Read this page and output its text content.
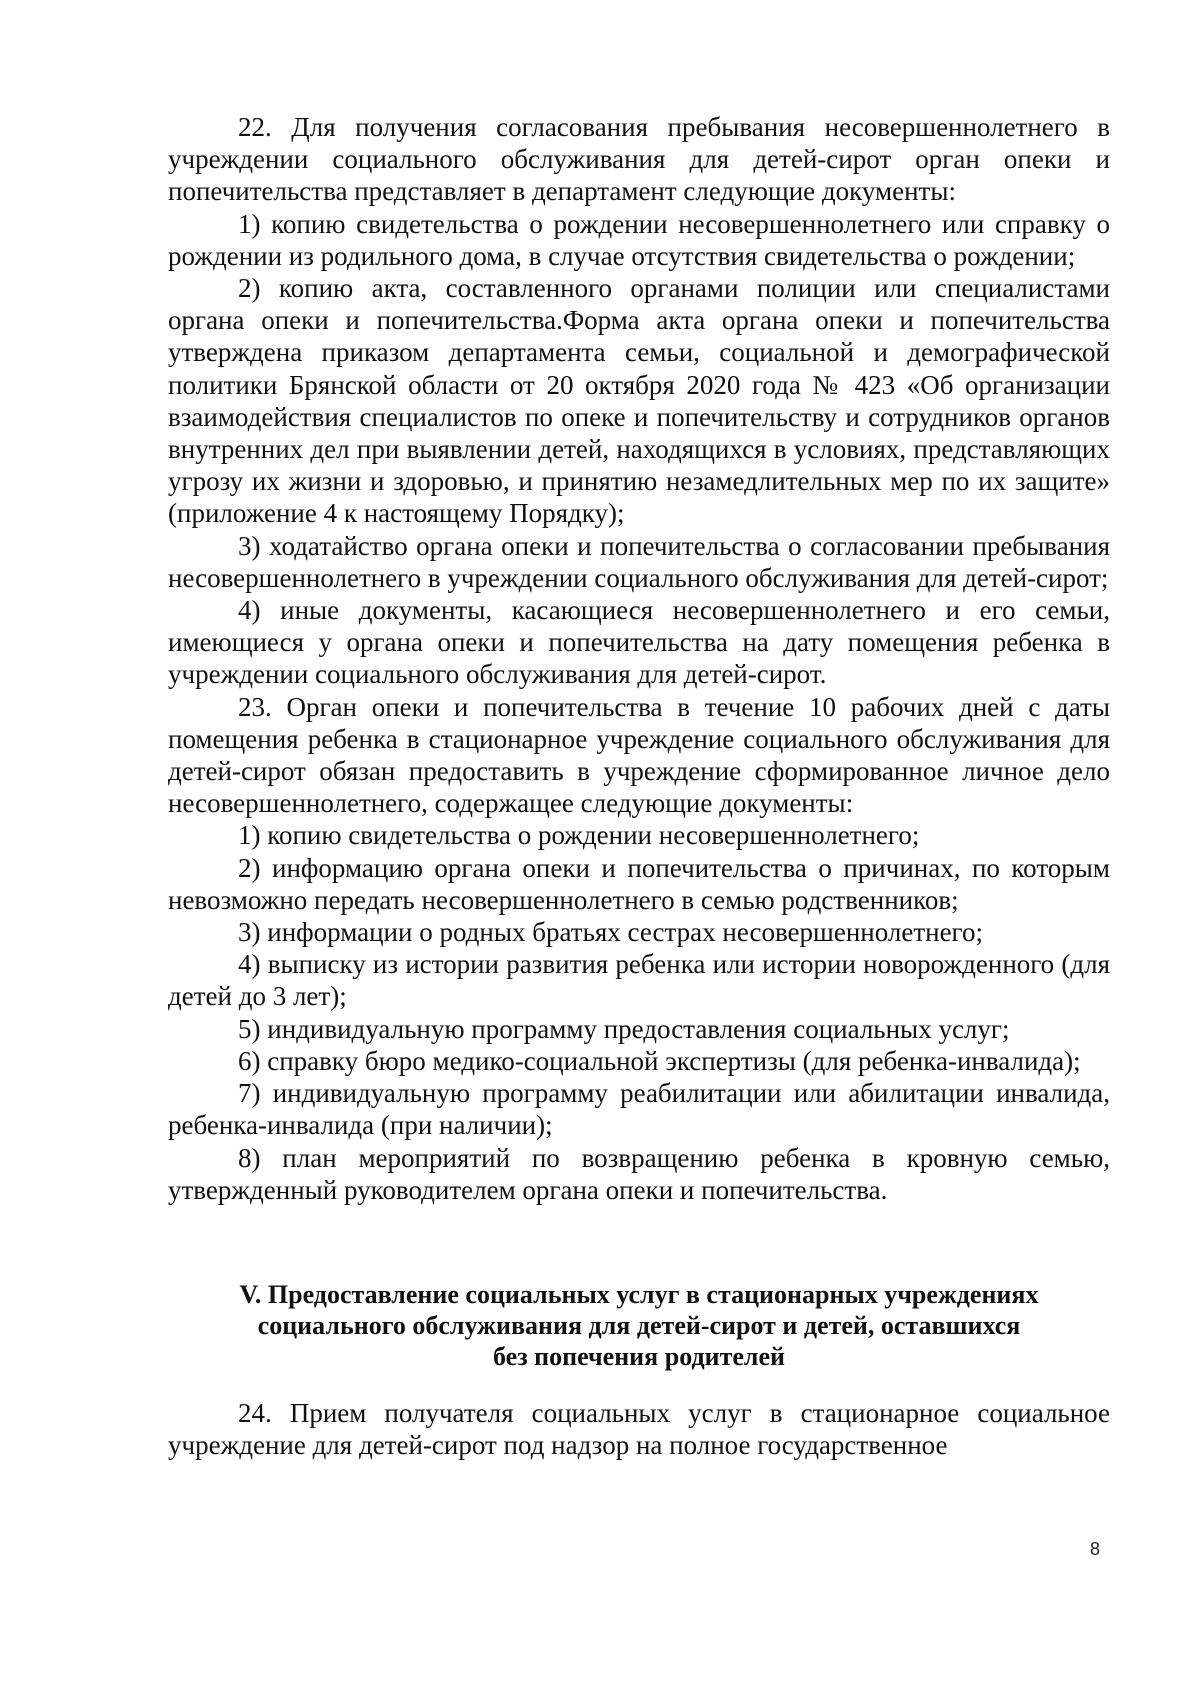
22. Для получения согласования пребывания несовершеннолетнего в учреждении социального обслуживания для детей-сирот орган опеки и попечительства представляет в департамент следующие документы:

1) копию свидетельства о рождении несовершеннолетнего или справку о рождении из родильного дома, в случае отсутствия свидетельства о рождении;

2) копию акта, составленного органами полиции или специалистами органа опеки и попечительства.Форма акта органа опеки и попечительства утверждена приказом департамента семьи, социальной и демографической политики Брянской области от 20 октября 2020 года № 423 «Об организации взаимодействия специалистов по опеке и попечительству и сотрудников органов внутренних дел при выявлении детей, находящихся в условиях, представляющих угрозу их жизни и здоровью, и принятию незамедлительных мер по их защите» (приложение 4 к настоящему Порядку);

3) ходатайство органа опеки и попечительства о согласовании пребывания несовершеннолетнего в учреждении социального обслуживания для детей-сирот;

4) иные документы, касающиеся несовершеннолетнего и его семьи, имеющиеся у органа опеки и попечительства на дату помещения ребенка в учреждении социального обслуживания для детей-сирот.

23. Орган опеки и попечительства в течение 10 рабочих дней с даты помещения ребенка в стационарное учреждение социального обслуживания для детей-сирот обязан предоставить в учреждение сформированное личное дело несовершеннолетнего, содержащее следующие документы:

1) копию свидетельства о рождении несовершеннолетнего;

2) информацию органа опеки и попечительства о причинах, по которым невозможно передать несовершеннолетнего в семью родственников;

3) информации о родных братьях сестрах несовершеннолетнего;

4) выписку из истории развития ребенка или истории новорожденного (для детей до 3 лет);

5) индивидуальную программу предоставления социальных услуг;

6) справку бюро медико-социальной экспертизы (для ребенка-инвалида);

7) индивидуальную программу реабилитации или абилитации инвалида, ребенка-инвалида (при наличии);

8) план мероприятий по возвращению ребенка в кровную семью, утвержденный руководителем органа опеки и попечительства.

V. Предоставление социальных услуг в стационарных учреждениях
социального обслуживания для детей-сирот и детей, оставшихся
без попечения родителей

24. Прием получателя социальных услуг в стационарное социальное учреждение для детей-сирот под надзор на полное государственное

8
